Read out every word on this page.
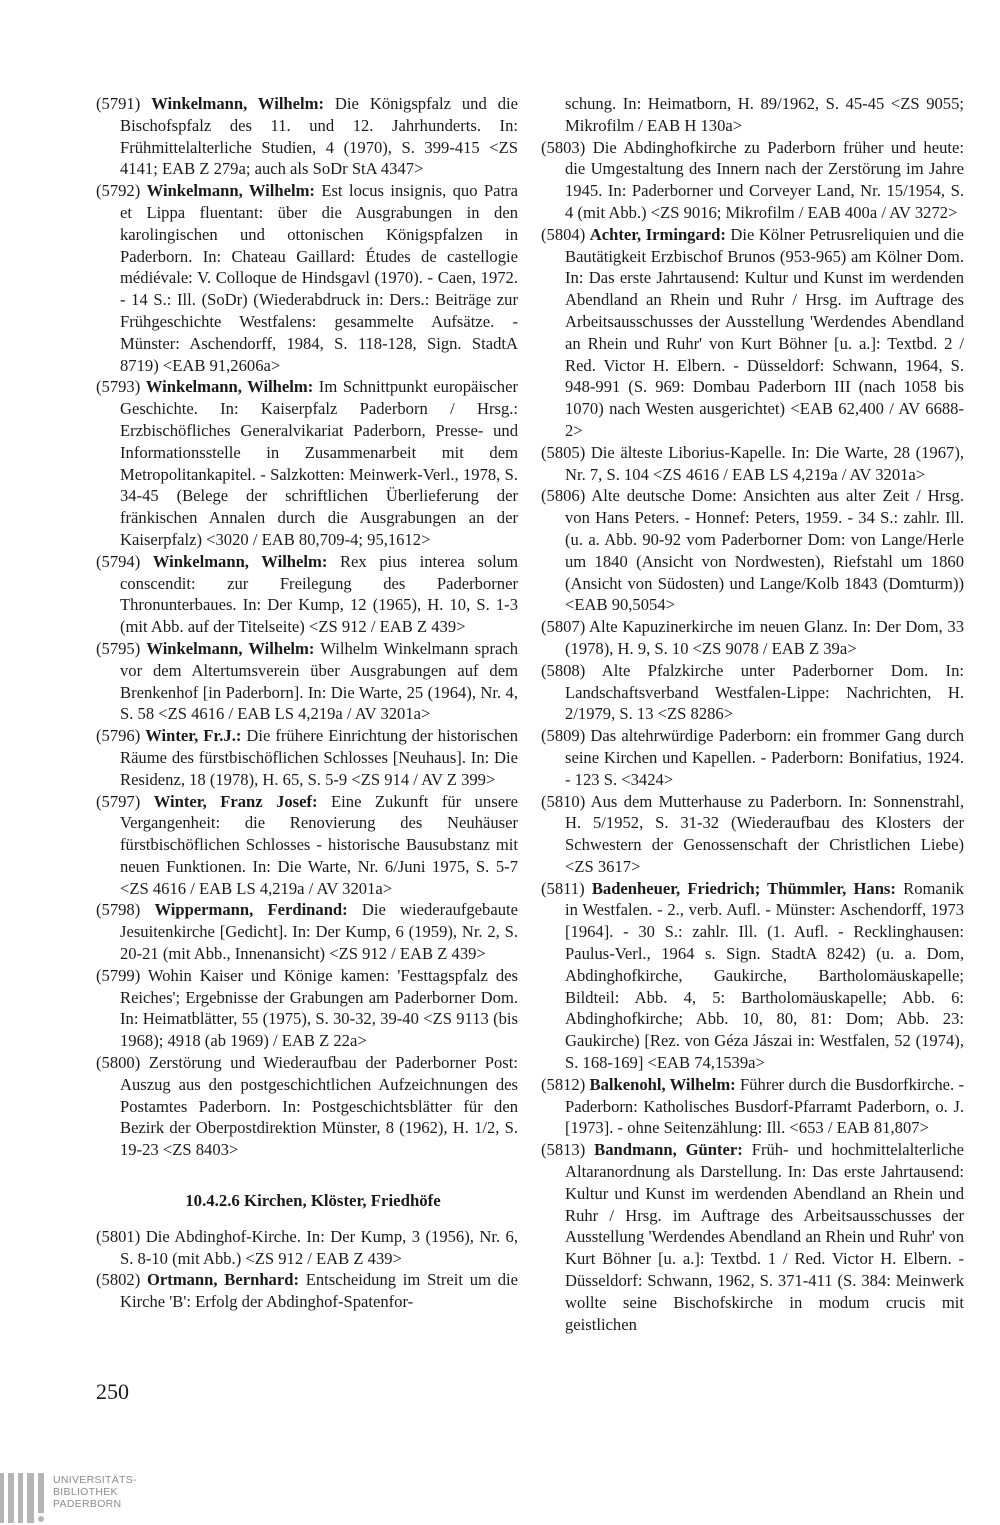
(5791) Winkelmann, Wilhelm: Die Königspfalz und die Bischofspfalz des 11. und 12. Jahrhunderts. In: Frühmittelalterliche Studien, 4 (1970), S. 399-415 <ZS 4141; EAB Z 279a; auch als SoDr StA 4347>
(5792) Winkelmann, Wilhelm: Est locus insignis, quo Patra et Lippa fluentant: über die Ausgrabungen in den karolingischen und ottonischen Königspfalzen in Paderborn. In: Chateau Gaillard: Études de castellogie médiévale: V. Colloque de Hindsgavl (1970). - Caen, 1972. - 14 S.: Ill. (SoDr) (Wiederabdruck in: Ders.: Beiträge zur Frühgeschichte Westfalens: gesammelte Aufsätze. - Münster: Aschendorff, 1984, S. 118-128, Sign. StadtA 8719) <EAB 91,2606a>
(5793) Winkelmann, Wilhelm: Im Schnittpunkt europäischer Geschichte. In: Kaiserpfalz Paderborn / Hrsg.: Erzbischöfliches Generalvikariat Paderborn, Presse- und Informationsstelle in Zusammenarbeit mit dem Metropolitankapitel. - Salzkotten: Meinwerk-Verl., 1978, S. 34-45 (Belege der schriftlichen Überlieferung der fränkischen Annalen durch die Ausgrabungen an der Kaiserpfalz) <3020 / EAB 80,709-4; 95,1612>
(5794) Winkelmann, Wilhelm: Rex pius interea solum conscendit: zur Freilegung des Paderborner Thronunterbaues. In: Der Kump, 12 (1965), H. 10, S. 1-3 (mit Abb. auf der Titelseite) <ZS 912 / EAB Z 439>
(5795) Winkelmann, Wilhelm: Wilhelm Winkelmann sprach vor dem Altertumsverein über Ausgrabungen auf dem Brenkenhof [in Paderborn]. In: Die Warte, 25 (1964), Nr. 4, S. 58 <ZS 4616 / EAB LS 4,219a / AV 3201a>
(5796) Winter, Fr.J.: Die frühere Einrichtung der historischen Räume des fürstbischöflichen Schlosses [Neuhaus]. In: Die Residenz, 18 (1978), H. 65, S. 5-9 <ZS 914 / AV Z 399>
(5797) Winter, Franz Josef: Eine Zukunft für unsere Vergangenheit: die Renovierung des Neuhäuser fürstbischöflichen Schlosses - historische Bausubstanz mit neuen Funktionen. In: Die Warte, Nr. 6/Juni 1975, S. 5-7 <ZS 4616 / EAB LS 4,219a / AV 3201a>
(5798) Wippermann, Ferdinand: Die wiederaufgebaute Jesuitenkirche [Gedicht]. In: Der Kump, 6 (1959), Nr. 2, S. 20-21 (mit Abb., Innenansicht) <ZS 912 / EAB Z 439>
(5799) Wohin Kaiser und Könige kamen: 'Festtagspfalz des Reiches'; Ergebnisse der Grabungen am Paderborner Dom. In: Heimatblätter, 55 (1975), S. 30-32, 39-40 <ZS 9113 (bis 1968); 4918 (ab 1969) / EAB Z 22a>
(5800) Zerstörung und Wiederaufbau der Paderborner Post: Auszug aus den postgeschichtlichen Aufzeichnungen des Postamtes Paderborn. In: Postgeschichtsblätter für den Bezirk der Oberpostdirektion Münster, 8 (1962), H. 1/2, S. 19-23 <ZS 8403>
10.4.2.6 Kirchen, Klöster, Friedhöfe
(5801) Die Abdinghof-Kirche. In: Der Kump, 3 (1956), Nr. 6, S. 8-10 (mit Abb.) <ZS 912 / EAB Z 439>
(5802) Ortmann, Bernhard: Entscheidung im Streit um die Kirche 'B': Erfolg der Abdinghof-Spatenfor-
schung. In: Heimatborn, H. 89/1962, S. 45-45 <ZS 9055; Mikrofilm / EAB H 130a>
(5803) Die Abdinghofkirche zu Paderborn früher und heute: die Umgestaltung des Innern nach der Zerstörung im Jahre 1945. In: Paderborner und Corveyer Land, Nr. 15/1954, S. 4 (mit Abb.) <ZS 9016; Mikrofilm / EAB 400a / AV 3272>
(5804) Achter, Irmingard: Die Kölner Petrusreliquien und die Bautätigkeit Erzbischof Brunos (953-965) am Kölner Dom. In: Das erste Jahrtausend: Kultur und Kunst im werdenden Abendland an Rhein und Ruhr / Hrsg. im Auftrage des Arbeitsausschusses der Ausstellung 'Werdendes Abendland an Rhein und Ruhr' von Kurt Böhner [u. a.]: Textbd. 2 / Red. Victor H. Elbern. - Düsseldorf: Schwann, 1964, S. 948-991 (S. 969: Dombau Paderborn III (nach 1058 bis 1070) nach Westen ausgerichtet) <EAB 62,400 / AV 6688-2>
(5805) Die älteste Liborius-Kapelle. In: Die Warte, 28 (1967), Nr. 7, S. 104 <ZS 4616 / EAB LS 4,219a / AV 3201a>
(5806) Alte deutsche Dome: Ansichten aus alter Zeit / Hrsg. von Hans Peters. - Honnef: Peters, 1959. - 34 S.: zahlr. Ill. (u. a. Abb. 90-92 vom Paderborner Dom: von Lange/Herle um 1840 (Ansicht von Nordwesten), Riefstahl um 1860 (Ansicht von Südosten) und Lange/Kolb 1843 (Domturm)) <EAB 90,5054>
(5807) Alte Kapuzinerkirche im neuen Glanz. In: Der Dom, 33 (1978), H. 9, S. 10 <ZS 9078 / EAB Z 39a>
(5808) Alte Pfalzkirche unter Paderborner Dom. In: Landschaftsverband Westfalen-Lippe: Nachrichten, H. 2/1979, S. 13 <ZS 8286>
(5809) Das altehrwürdige Paderborn: ein frommer Gang durch seine Kirchen und Kapellen. - Paderborn: Bonifatius, 1924. - 123 S. <3424>
(5810) Aus dem Mutterhause zu Paderborn. In: Sonnenstrahl, H. 5/1952, S. 31-32 (Wiederaufbau des Klosters der Schwestern der Genossenschaft der Christlichen Liebe) <ZS 3617>
(5811) Badenheuer, Friedrich; Thümmler, Hans: Romanik in Westfalen. - 2., verb. Aufl. - Münster: Aschendorff, 1973 [1964]. - 30 S.: zahlr. Ill. (1. Aufl. - Recklinghausen: Paulus-Verl., 1964 s. Sign. StadtA 8242) (u. a. Dom, Abdinghofkirche, Gaukirche, Bartholomäuskapelle; Bildteil: Abb. 4, 5: Bartholomäuskapelle; Abb. 6: Abdinghofkirche; Abb. 10, 80, 81: Dom; Abb. 23: Gaukirche) [Rez. von Géza Jászai in: Westfalen, 52 (1974), S. 168-169] <EAB 74,1539a>
(5812) Balkenohl, Wilhelm: Führer durch die Busdorfkirche. - Paderborn: Katholisches Busdorf-Pfarramt Paderborn, o. J. [1973]. - ohne Seitenzählung: Ill. <653 / EAB 81,807>
(5813) Bandmann, Günter: Früh- und hochmittelalterliche Altaranordnung als Darstellung. In: Das erste Jahrtausend: Kultur und Kunst im werdenden Abendland an Rhein und Ruhr / Hrsg. im Auftrage des Arbeitsausschusses der Ausstellung 'Werdendes Abendland an Rhein und Ruhr' von Kurt Böhner [u. a.]: Textbd. 1 / Red. Victor H. Elbern. - Düsseldorf: Schwann, 1962, S. 371-411 (S. 384: Meinwerk wollte seine Bischofskirche in modum crucis mit geistlichen
250
UNIVERSITÄTS-
BIBLIOTHEK
PADERBORN
